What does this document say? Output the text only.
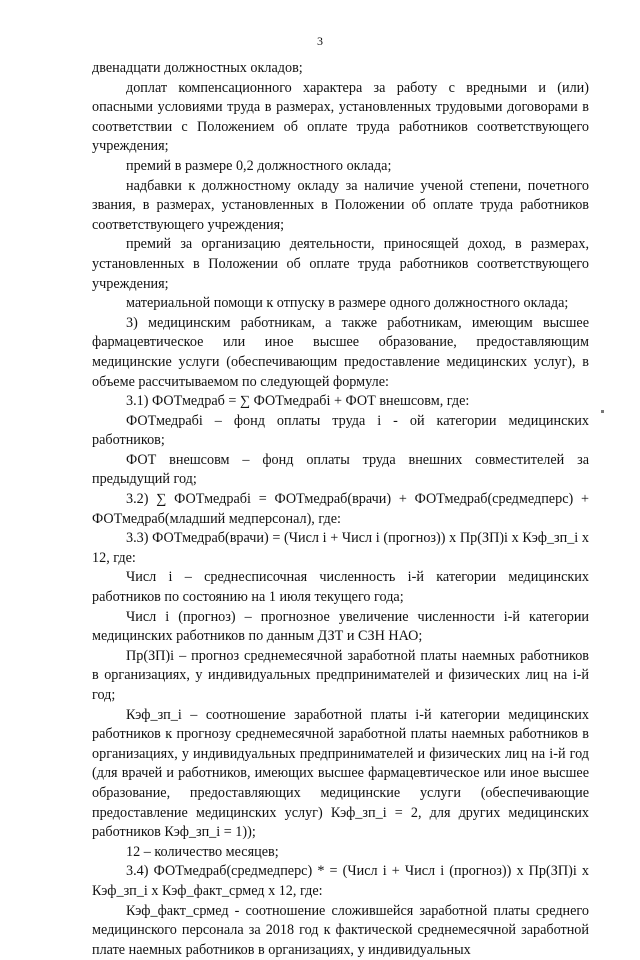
3

двенадцати должностных окладов;

доплат компенсационного характера за работу с вредными и (или) опасными условиями труда в размерах, установленных трудовыми договорами в соответствии с Положением об оплате труда работников соответствующего учреждения;

премий в размере 0,2 должностного оклада;

надбавки к должностному окладу за наличие ученой степени, почетного звания, в размерах, установленных в Положении об оплате труда работников соответствующего учреждения;

премий за организацию деятельности, приносящей доход, в размерах, установленных в Положении об оплате труда работников соответствующего учреждения;

материальной помощи к отпуску в размере одного должностного оклада;

3) медицинским работникам, а также работникам, имеющим высшее фармацевтическое или иное высшее образование, предоставляющим медицинские услуги (обеспечивающим предоставление медицинских услуг), в объеме рассчитываемом по следующей формуле:

3.1) ФОТмедраб = ∑ ФОТмедрабi + ФОТ внешсовм, где:

ФОТмедрабi – фонд оплаты труда i - ой категории медицинских работников;

ФОТ внешсовм – фонд оплаты труда внешних совместителей за предыдущий год;

3.2) ∑ ФОТмедрабi = ФОТмедраб(врачи) + ФОТмедраб(средмедперс) + ФОТмедраб(младший медперсонал), где:

3.3) ФОТмедраб(врачи) = (Числ i + Числ i (прогноз)) х Пр(ЗП)i х Кэф_зп_i х 12, где:

Числ i – среднесписочная численность i-й категории медицинских работников по состоянию на 1 июля текущего года;

Числ i (прогноз) – прогнозное увеличение численности i-й категории медицинских работников по данным ДЗТ и СЗН НАО;

Пр(ЗП)i – прогноз среднемесячной заработной платы наемных работников в организациях, у индивидуальных предпринимателей и физических лиц на i-й год;

Кэф_зп_i – соотношение заработной платы i-й категории медицинских работников к прогнозу среднемесячной заработной платы наемных работников в организациях, у индивидуальных предпринимателей и физических лиц на i-й год (для врачей и работников, имеющих высшее фармацевтическое или иное высшее образование, предоставляющих медицинские услуги (обеспечивающие предоставление медицинских услуг) Кэф_зп_i = 2, для других медицинских работников Кэф_зп_i = 1));

12 – количество месяцев;

3.4) ФОТмедраб(средмедперс) * = (Числ i + Числ i (прогноз)) х Пр(ЗП)i х Кэф_зп_i х Кэф_факт_срмед х 12, где:

Кэф_факт_срмед - соотношение сложившейся заработной платы среднего медицинского персонала за 2018 год к фактической среднемесячной заработной плате наемных работников в организациях, у индивидуальных
